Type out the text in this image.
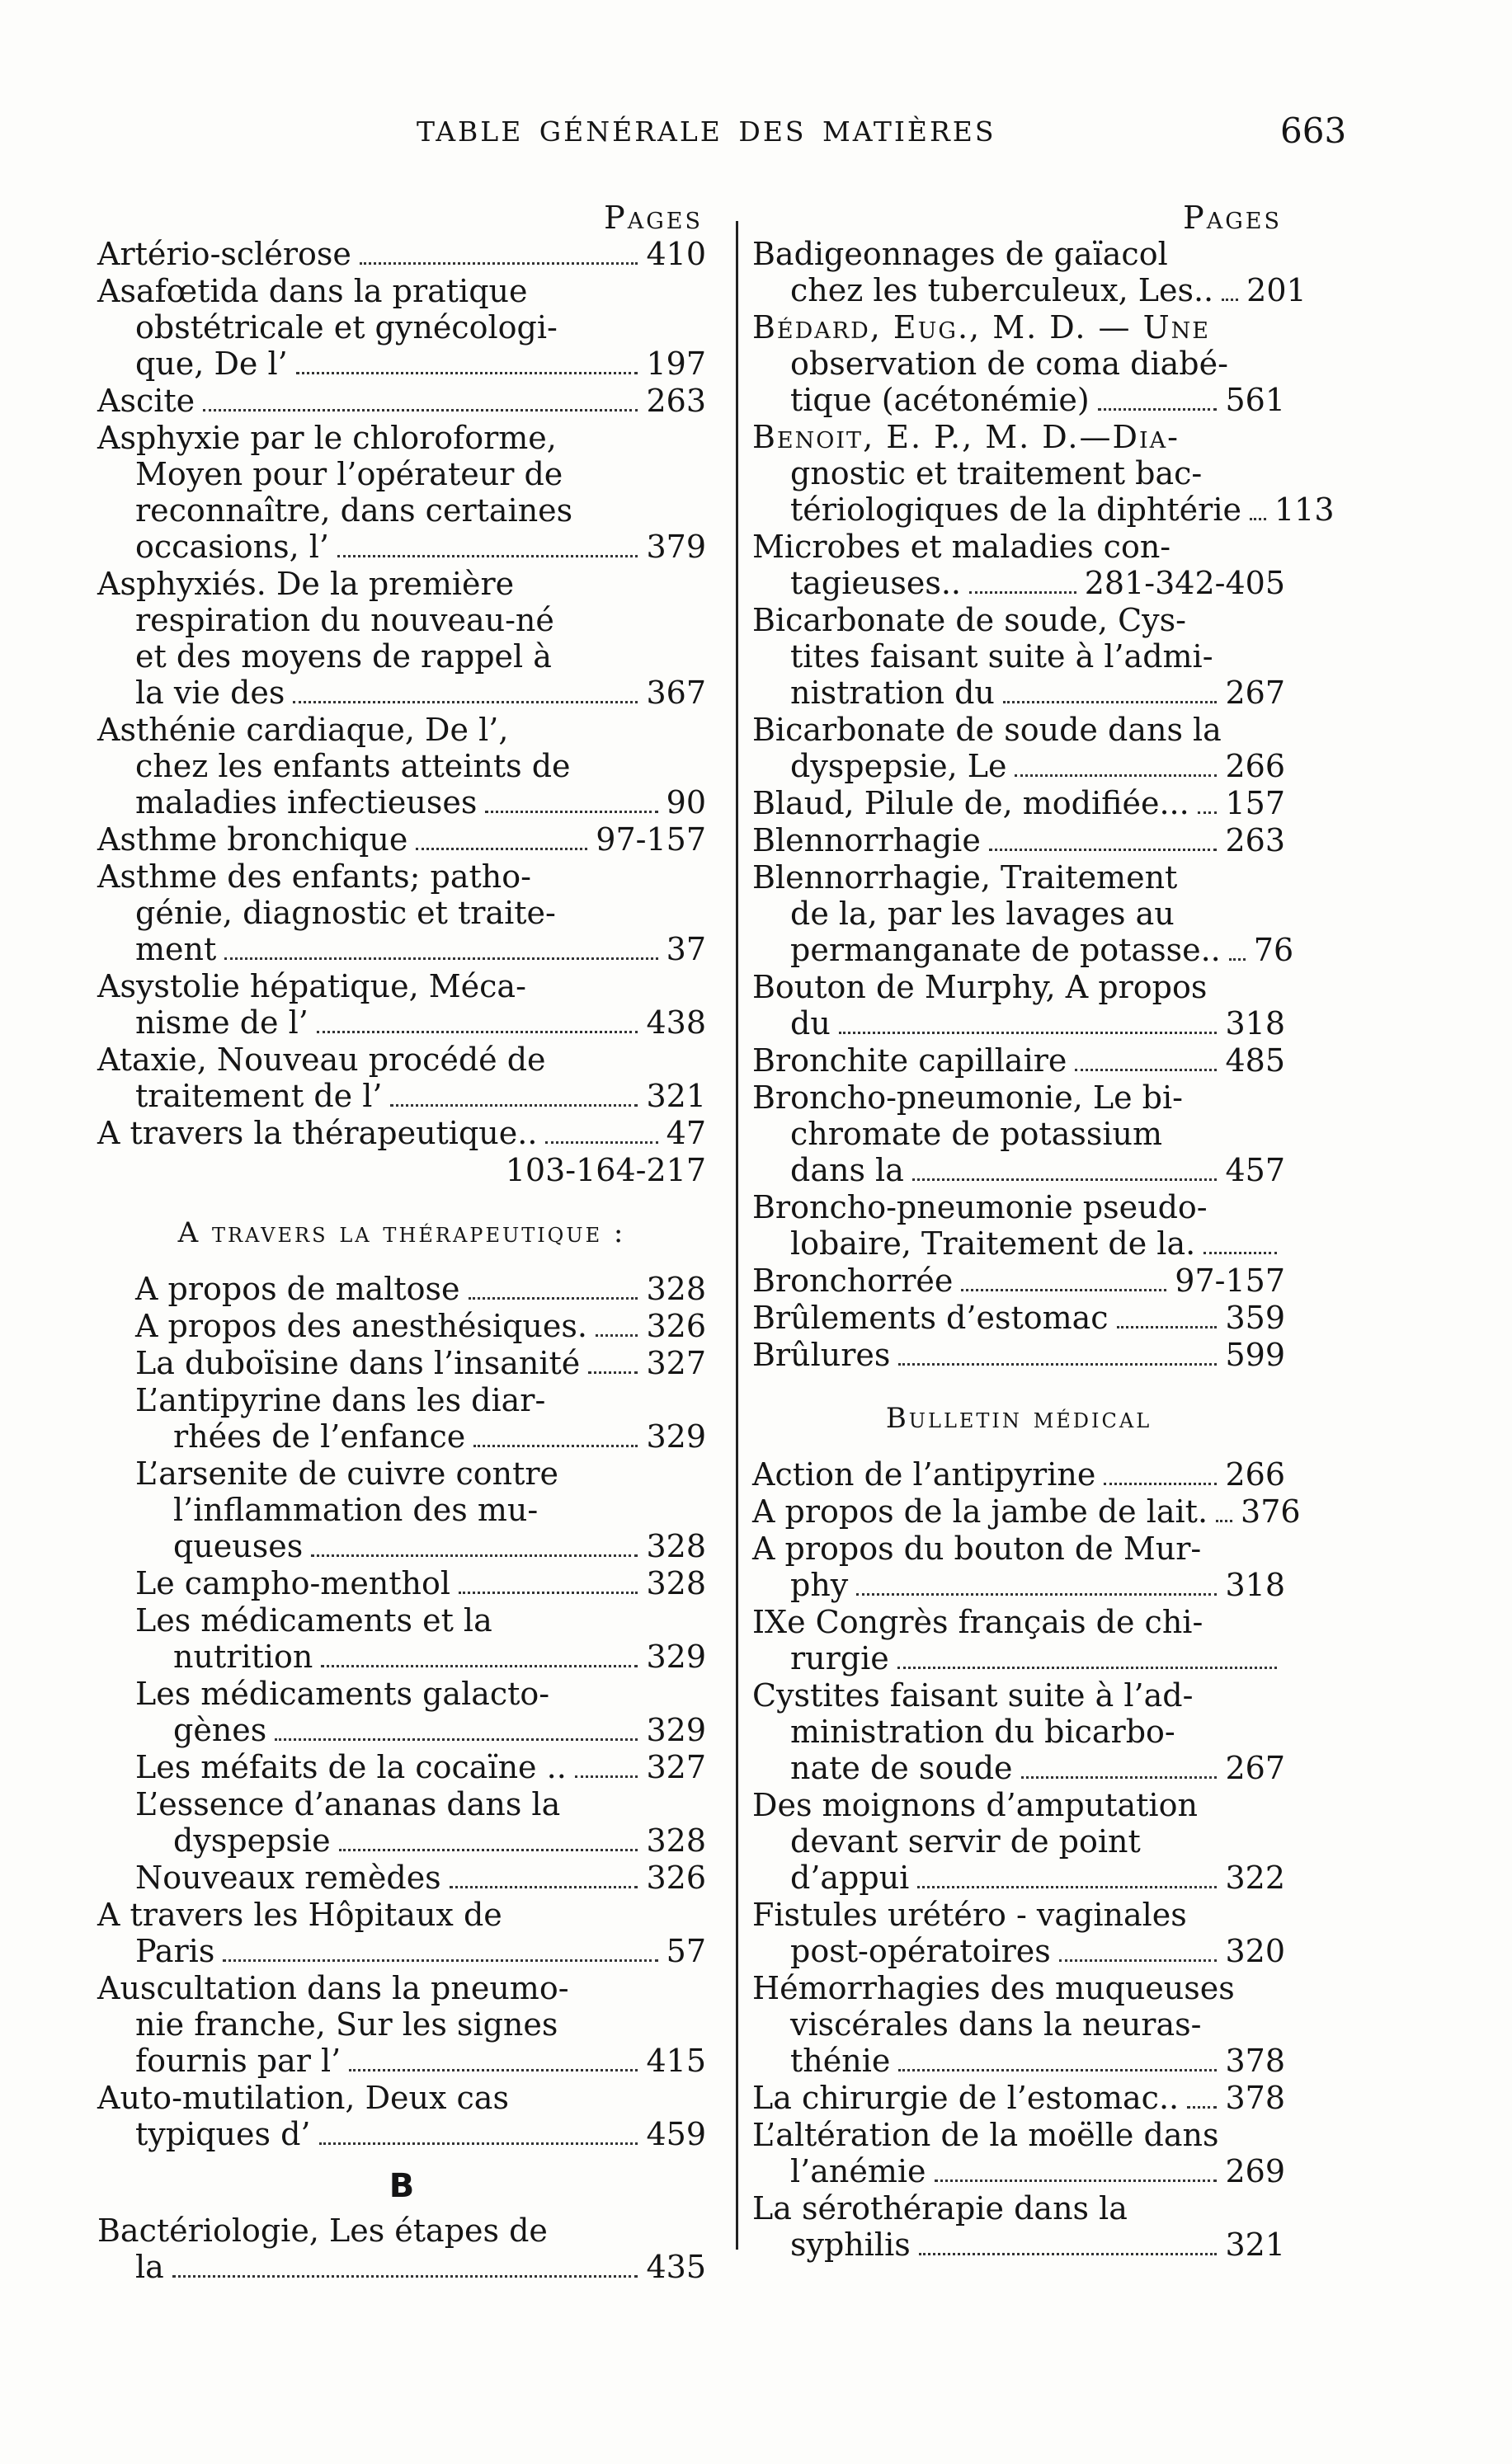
TABLE GÉNÉRALE DES MATIÈRES	663
Pages
Artério-sclérose	410
Asafœtida dans la pratique
obstétricale et gynécologi-
que, De l’	197
Ascite	263
Asphyxie par le chloroforme,
Moyen pour l’opérateur de
reconnaître, dans certaines
occasions, l’	379
Asphyxiés. De la première
respiration du nouveau-né
et des moyens de rappel à
la vie des	367
Asthénie cardiaque, De l’,
chez les enfants atteints de
maladies infectieuses	90
Asthme bronchique	97-157
Asthme des enfants; patho-
génie, diagnostic et traite-
ment	37
Asystolie hépatique, Méca-
nisme de l’	438
Ataxie, Nouveau procédé de
traitement de l’	321
A travers la thérapeutique..	47
103-164-217
A travers la thérapeutique :
A propos de maltose	328
A propos des anesthésiques. 326
La duboïsine dans l’insanité 327
L’antipyrine dans les diar-
rhées de l’enfance	329
L’arsenite de cuivre contre
l’inflammation des mu-
queuses	328
Le campho-menthol	328
Les médicaments et la
nutrition	329
Les médicaments galacto-
gènes	329
Les méfaits de la cocaïne ..	327
L’essence d’ananas dans la
dyspepsie	328
Nouveaux remèdes	326
A travers les Hôpitaux de
Paris	57
Auscultation dans la pneumo-
nie franche, Sur les signes
fournis par l’	415
Auto-mutilation, Deux cas
typiques d’	459
B
Bactériologie, Les étapes de
la	435
Pages
Badigeonnages de gaïacol
chez les tuberculeux, Les.. 201
Bédard, Eug., M. D. — Une
observation de coma diabé-
tique (acétonémie)	561
Benoit, E. P., M. D.—Dia-
gnostic et traitement bac-
tériologiques de la diphtérie 113
Microbes et maladies con-
tagieuses..	281-342-405
Bicarbonate de soude, Cys-
tites faisant suite à l’admi-
nistration du	267
Bicarbonate de soude dans la
dyspepsie, Le	266
Blaud, Pilule de, modifiée... 157
Blennorrhagie	263
Blennorrhagie, Traitement
de la, par les lavages au
permanganate de potasse.. 76
Bouton de Murphy, A propos
du	318
Bronchite capillaire	485
Broncho-pneumonie, Le bi-
chromate de potassium
dans la	457
Broncho-pneumonie pseudo-
lobaire, Traitement de la.
Bronchorrée	97-157
Brûlements d’estomac	359
Brûlures	599
Bulletin médical
Action de l’antipyrine	266
A propos de la jambe de lait. 376
A propos du bouton de Mur-
phy	318
IXe Congrès français de chi-
rurgie
Cystites faisant suite à l’ad-
ministration du bicarbo-
nate de soude	267
Des moignons d’amputation
devant servir de point
d’appui	322
Fistules urétéro - vaginales
post-opératoires	320
Hémorrhagies des muqueuses
viscérales dans la neuras-
thénie	378
La chirurgie de l’estomac.. 378
L’altération de la moëlle dans
l’anémie	269
La sérothérapie dans la
syphilis	321
